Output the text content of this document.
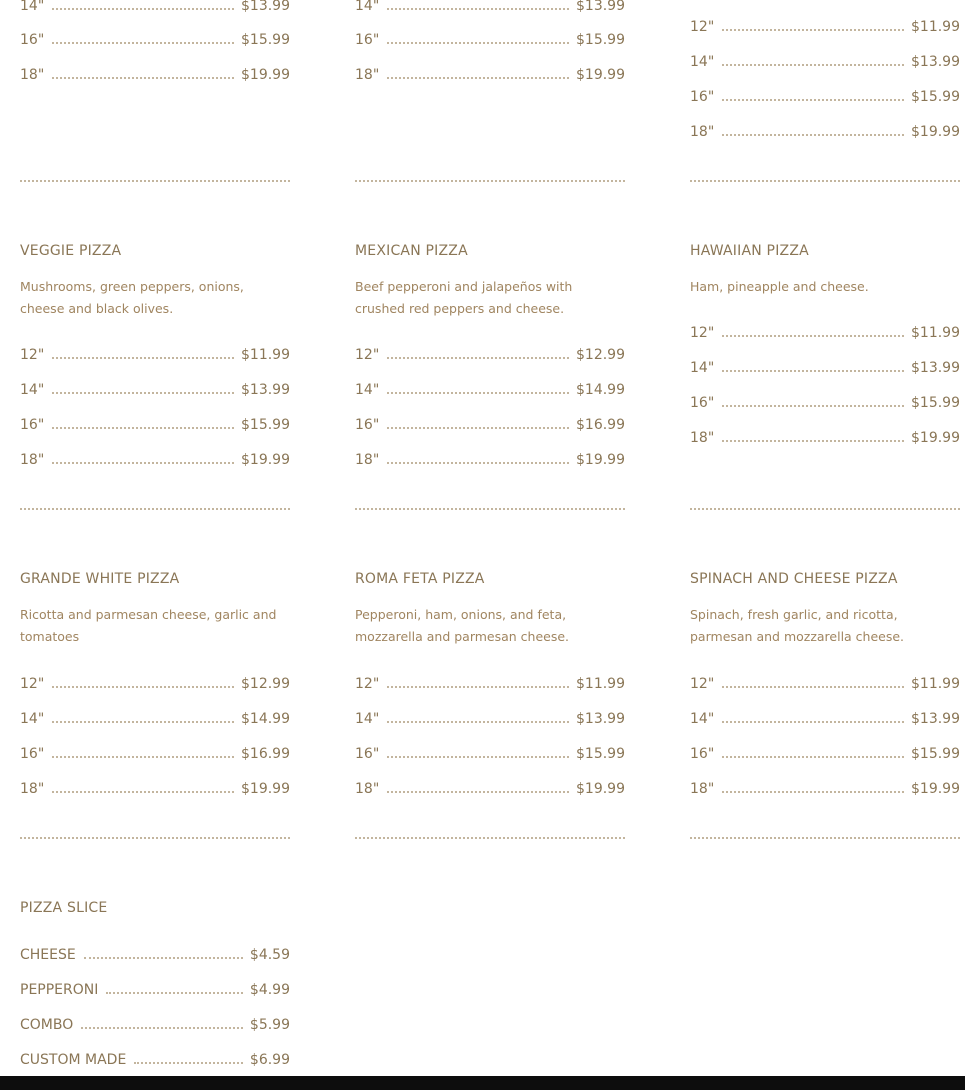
14"	$13.99
16"	$15.99
18"	$19.99
VEGGIE PIZZA
Mushrooms, green peppers, onions, cheese and black olives.
12"	$11.99
14"	$13.99
16"	$15.99
18"	$19.99
GRANDE WHITE PIZZA
Ricotta and parmesan cheese, garlic and tomatoes
12"	$12.99
14"	$14.99
16"	$16.99
18"	$19.99
PIZZA SLICE
CHEESE	$4.59
PEPPERONI	$4.99
COMBO	$5.99
CUSTOM MADE	$6.99
14"	$13.99
16"	$15.99
18"	$19.99
MEXICAN PIZZA
Beef pepperoni and jalapeños with crushed red peppers and cheese.
12"	$12.99
14"	$14.99
16"	$16.99
18"	$19.99
ROMA FETA PIZZA
Pepperoni, ham, onions, and feta, mozzarella and parmesan cheese.
12"	$11.99
14"	$13.99
16"	$15.99
18"	$19.99
12"	$11.99
14"	$13.99
16"	$15.99
18"	$19.99
HAWAIIAN PIZZA
Ham, pineapple and cheese.
12"	$11.99
14"	$13.99
16"	$15.99
18"	$19.99
SPINACH AND CHEESE PIZZA
Spinach, fresh garlic, and ricotta, parmesan and mozzarella cheese.
12"	$11.99
14"	$13.99
16"	$15.99
18"	$19.99
